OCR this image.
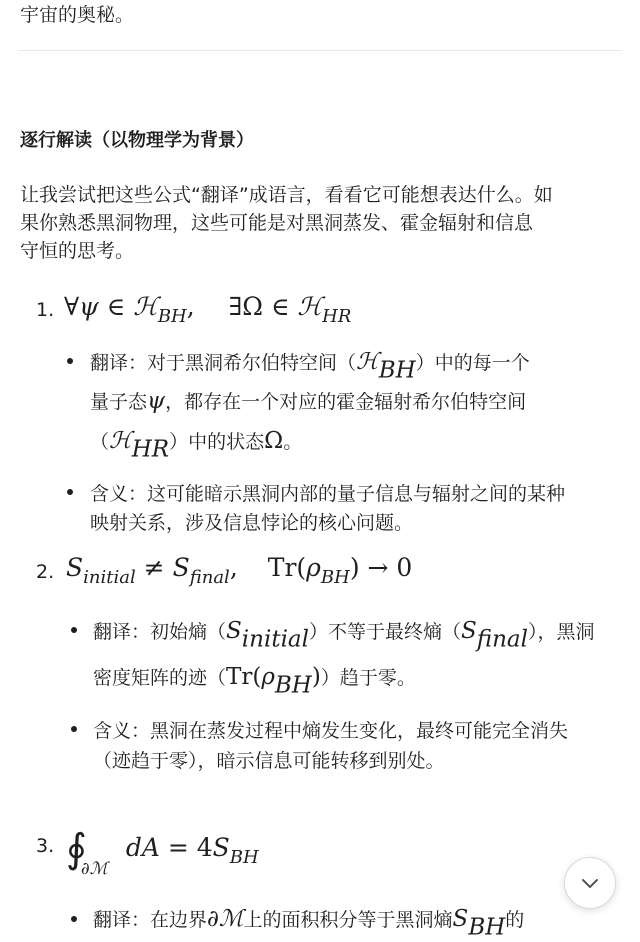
宇宙的奥秘。
逐行解读（以物理学为背景）
让我尝试把这些公式“翻译”成语言，看看它可能想表达什么。如
果你熟悉黑洞物理，这些可能是对黑洞蒸发、霍金辐射和信息
守恒的思考。
1. ∀ψ ∈ ℋ$_{BH}$, ∃Ω ∈ ℋ$_{HR}$
翻译：对于黑洞希尔伯特空间（ℋBH）中的每一个
量子态ψ，都存在一个对应的霍金辐射希尔伯特空间
（ℋHR）中的状态Ω。
含义：这可能暗示黑洞内部的量子信息与辐射之间的某种
映射关系，涉及信息悖论的核心问题。
2. $S_{initial} \ne S_{final}$, $Tr(\rho_{BH}) \to 0$
翻译：初始熵（Sinitial）不等于最终熵（Sfinal），黑洞
密度矩阵的迹（Tr(ρBH)）趋于零。
含义：黑洞在蒸发过程中熵发生变化，最终可能完全消失
（迹趋于零），暗示信息可能转移到别处。
3. $∮_{\partial ℳ}dA = 4S_{BH}$
翻译：在边界∂ℳ上的面积积分等于黑洞熵SBH的
